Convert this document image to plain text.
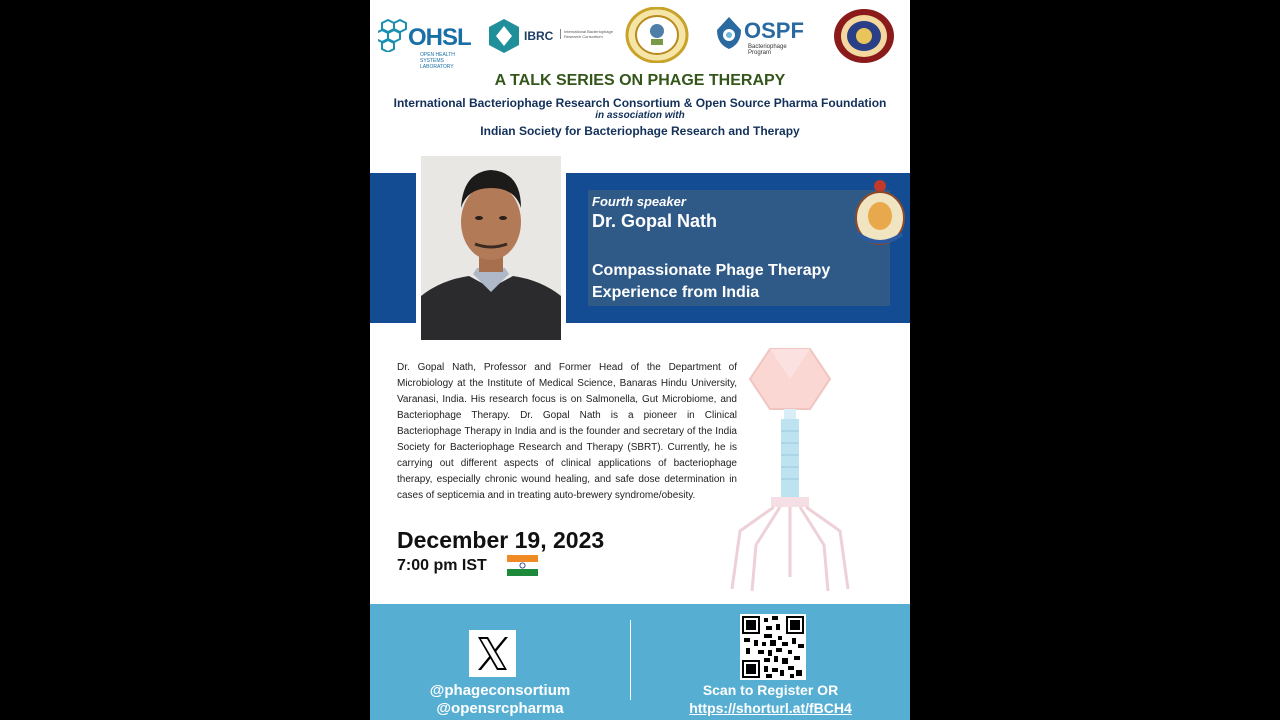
OHSL
OPEN HEALTH SYSTEMS LABORATORY
IBRC	International Bacteriophage Research Consortium	OSPF
Bacteriophage Program
A TALK SERIES ON PHAGE THERAPY
International Bacteriophage Research Consortium & Open Source Pharma Foundation
in association with
Indian Society for Bacteriophage Research and Therapy
Fourth speaker
Dr. Gopal Nath
Compassionate Phage Therapy
Experience from India
Dr. Gopal Nath, Professor and Former Head of the Department of Microbiology at the Institute of Medical Science, Banaras Hindu University, Varanasi, India. His research focus is on Salmonella, Gut Microbiome, and Bacteriophage Therapy. Dr. Gopal Nath is a pioneer in Clinical Bacteriophage Therapy in India and is the founder and secretary of the India Society for Bacteriophage Research and Therapy (SBRT). Currently, he is carrying out different aspects of clinical applications of bacteriophage therapy, especially chronic wound healing, and safe dose determination in cases of septicemia and in treating auto-brewery syndrome/obesity.
December 19, 2023
7:00 pm IST
@phageconsortium
@opensrcpharma
Scan to Register OR
https://shorturl.at/fBCH4
